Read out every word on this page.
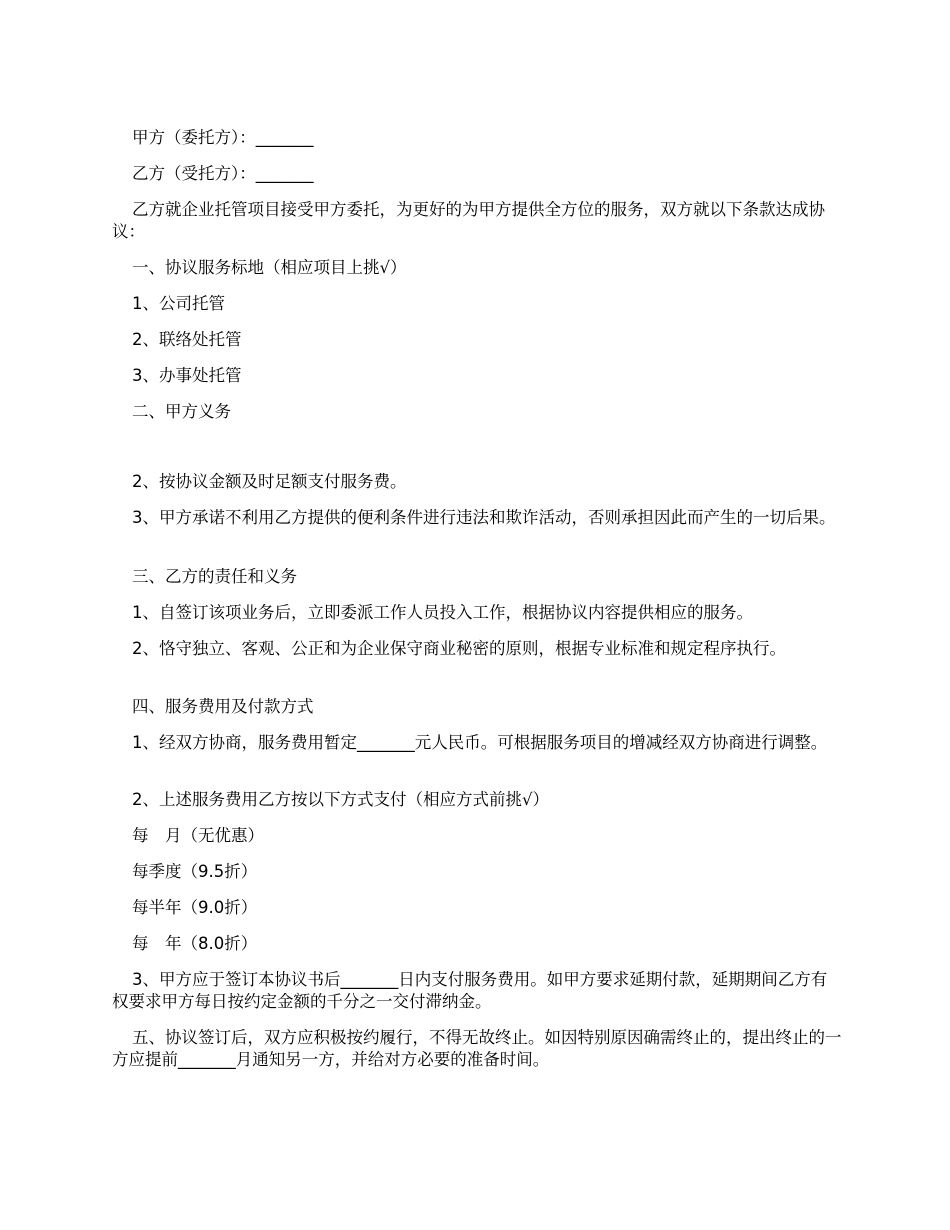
甲方（委托方）：_______
乙方（受托方）：_______
乙方就企业托管项目接受甲方委托，为更好的为甲方提供全方位的服务，双方就以下条款达成协议：
一、协议服务标地（相应项目上挑√）
1、公司托管
2、联络处托管
3、办事处托管
二、甲方义务
2、按协议金额及时足额支付服务费。
3、甲方承诺不利用乙方提供的便利条件进行违法和欺诈活动，否则承担因此而产生的一切后果。
三、乙方的责任和义务
1、自签订该项业务后，立即委派工作人员投入工作，根据协议内容提供相应的服务。
2、恪守独立、客观、公正和为企业保守商业秘密的原则，根据专业标准和规定程序执行。
四、服务费用及付款方式
1、经双方协商，服务费用暂定_______元人民币。可根据服务项目的增减经双方协商进行调整。
2、上述服务费用乙方按以下方式支付（相应方式前挑√）
每　月（无优惠）
每季度（9.5折）
每半年（9.0折）
每　年（8.0折）
3、甲方应于签订本协议书后_______日内支付服务费用。如甲方要求延期付款，延期期间乙方有权要求甲方每日按约定金额的千分之一交付滞纳金。
五、协议签订后，双方应积极按约履行，不得无故终止。如因特别原因确需终止的，提出终止的一方应提前_______月通知另一方，并给对方必要的准备时间。
